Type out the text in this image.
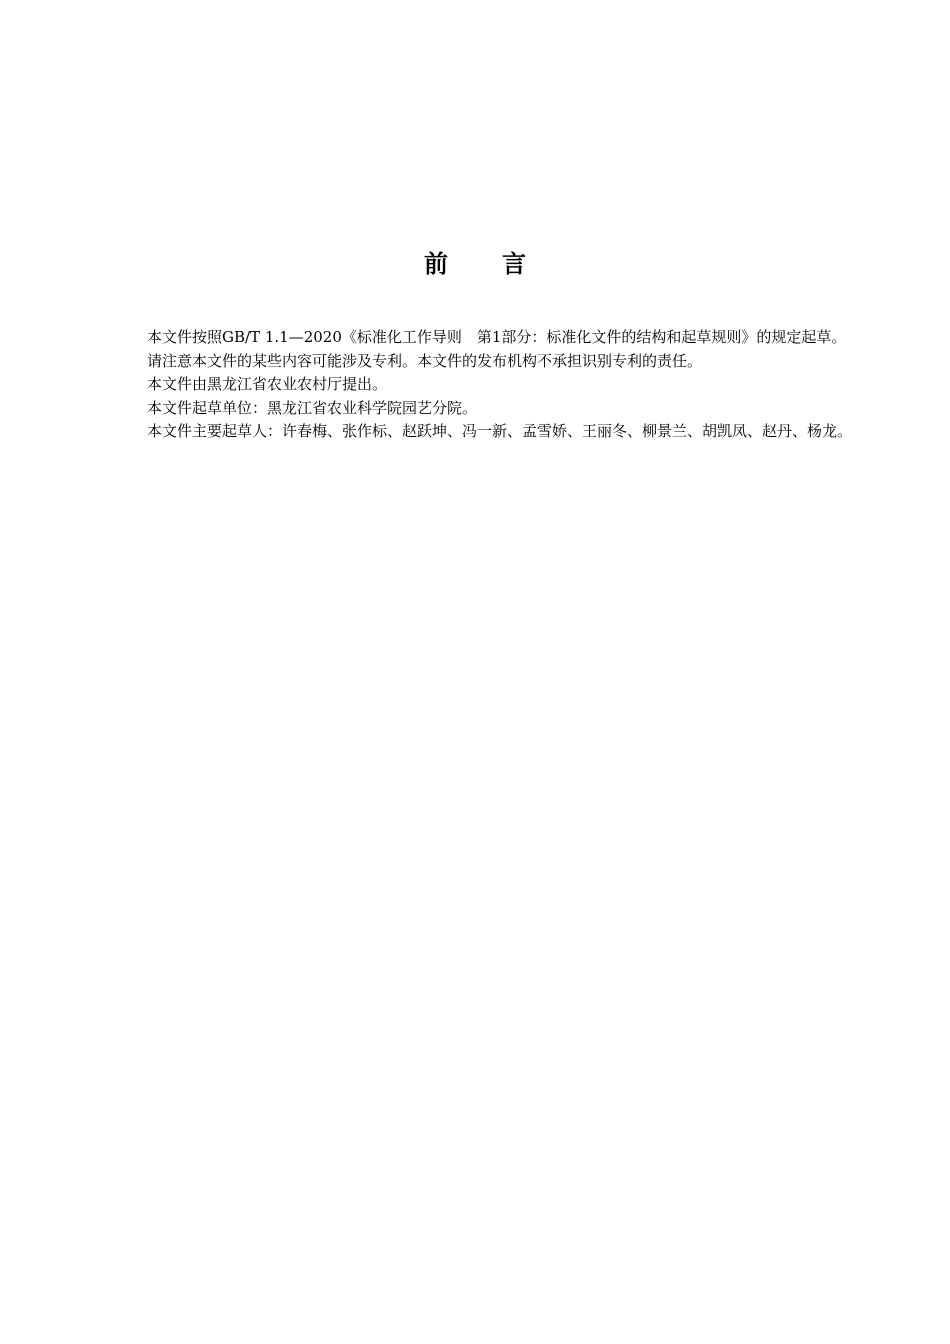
前 言

本文件按照GB/T 1.1—2020《标准化工作导则　第1部分：标准化文件的结构和起草规则》的规定起草。

请注意本文件的某些内容可能涉及专利。本文件的发布机构不承担识别专利的责任。

本文件由黑龙江省农业农村厅提出。

本文件起草单位：黑龙江省农业科学院园艺分院。

本文件主要起草人：许春梅、张作标、赵跃坤、冯一新、孟雪娇、王丽冬、柳景兰、胡凯凤、赵丹、杨龙。
